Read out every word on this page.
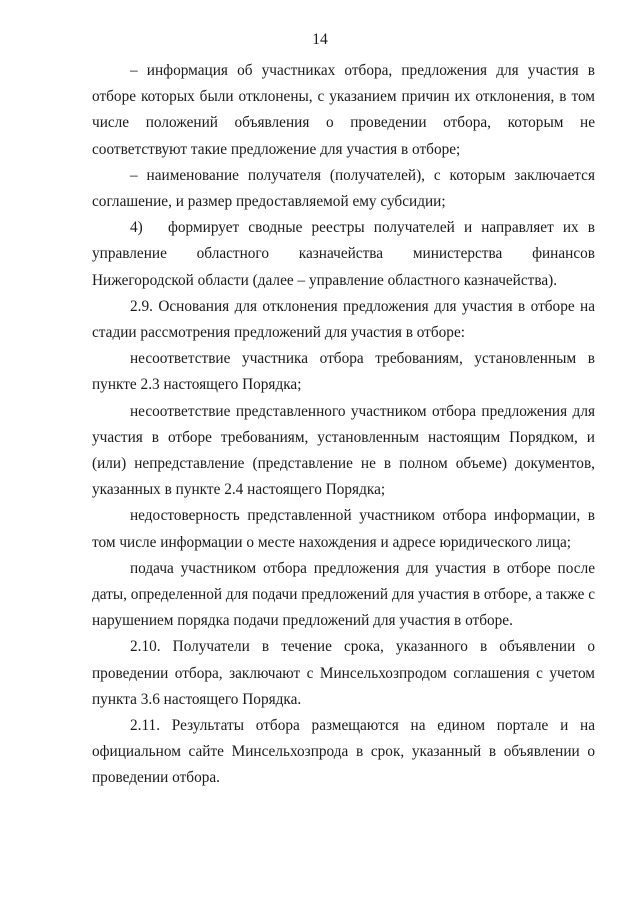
14

– информация об участниках отбора, предложения для участия в отборе которых были отклонены, с указанием причин их отклонения, в том числе положений объявления о проведении отбора, которым не соответствуют такие предложение для участия в отборе;

– наименование получателя (получателей), с которым заключается соглашение, и размер предоставляемой ему субсидии;

4) формирует сводные реестры получателей и направляет их в управление областного казначейства министерства финансов Нижегородской области (далее – управление областного казначейства).

2.9. Основания для отклонения предложения для участия в отборе на стадии рассмотрения предложений для участия в отборе:

несоответствие участника отбора требованиям, установленным в пункте 2.3 настоящего Порядка;

несоответствие представленного участником отбора предложения для участия в отборе требованиям, установленным настоящим Порядком, и (или) непредставление (представление не в полном объеме) документов, указанных в пункте 2.4 настоящего Порядка;

недостоверность представленной участником отбора информации, в том числе информации о месте нахождения и адресе юридического лица;

подача участником отбора предложения для участия в отборе после даты, определенной для подачи предложений для участия в отборе, а также с нарушением порядка подачи предложений для участия в отборе.

2.10. Получатели в течение срока, указанного в объявлении о проведении отбора, заключают с Минсельхозпродом соглашения с учетом пункта 3.6 настоящего Порядка.

2.11. Результаты отбора размещаются на едином портале и на официальном сайте Минсельхозпрода в срок, указанный в объявлении о проведении отбора.
